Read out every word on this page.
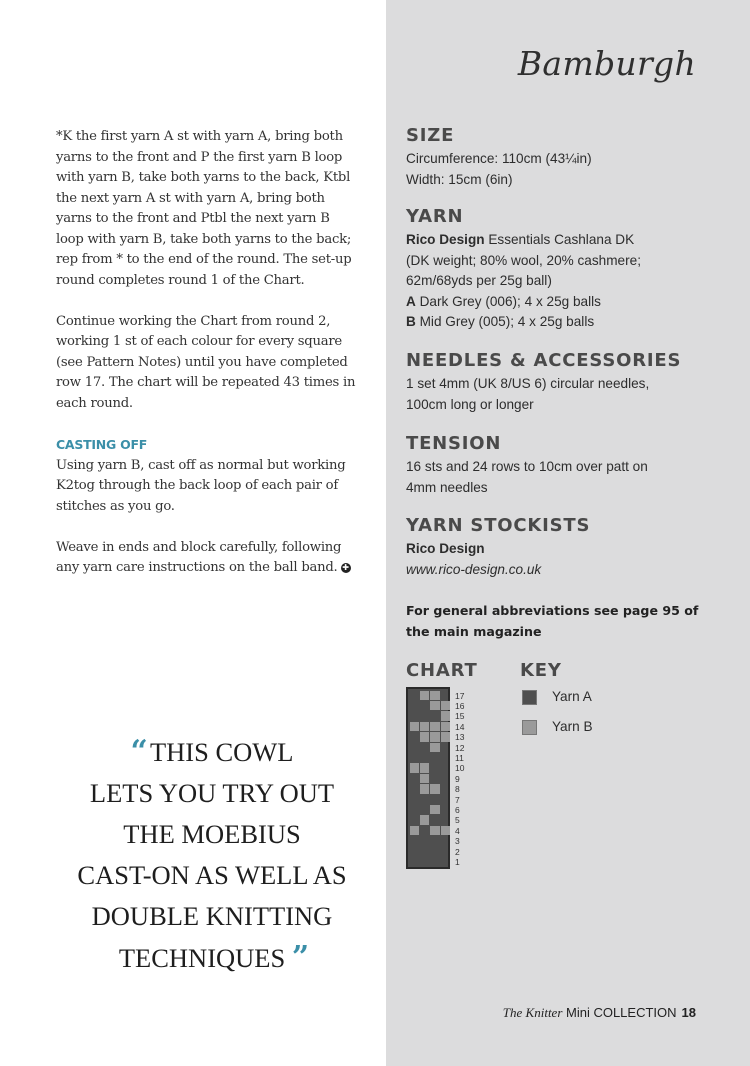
Bamburgh

*K the first yarn A st with yarn A, bring both yarns to the front and P the first yarn B loop with yarn B, take both yarns to the back, Ktbl the next yarn A st with yarn A, bring both yarns to the front and Ptbl the next yarn B loop with yarn B, take both yarns to the back; rep from * to the end of the round. The set-up round completes round 1 of the Chart.

Continue working the Chart from round 2, working 1 st of each colour for every square (see Pattern Notes) until you have completed row 17. The chart will be repeated 43 times in each round.

CASTING OFF

Using yarn B, cast off as normal but working K2tog through the back loop of each pair of stitches as you go.

Weave in ends and block carefully, following any yarn care instructions on the ball band. ✚

“ THIS COWL
LETS YOU TRY OUT
THE MOEBIUS
CAST-ON AS WELL AS
DOUBLE KNITTING
TECHNIQUES ”
SIZE
Circumference: 110cm (43¼in)
Width: 15cm (6in)
YARN
Rico Design Essentials Cashlana DK
(DK weight; 80% wool, 20% cashmere;
62m/68yds per 25g ball)
A Dark Grey (006); 4 x 25g balls
B Mid Grey (005); 4 x 25g balls
NEEDLES & ACCESSORIES
1 set 4mm (UK 8/US 6) circular needles,
100cm long or longer
TENSION
16 sts and 24 rows to 10cm over patt on
4mm needles
YARN STOCKISTS
Rico Design
www.rico-design.co.uk
For general abbreviations see page 95 of
the main magazine
CHART KEY
17
16
15
14
13
12
11
10
9
8
7
6
5
4
3
2
1
Yarn A
Yarn B
The Knitter Mini COLLECTION 18
